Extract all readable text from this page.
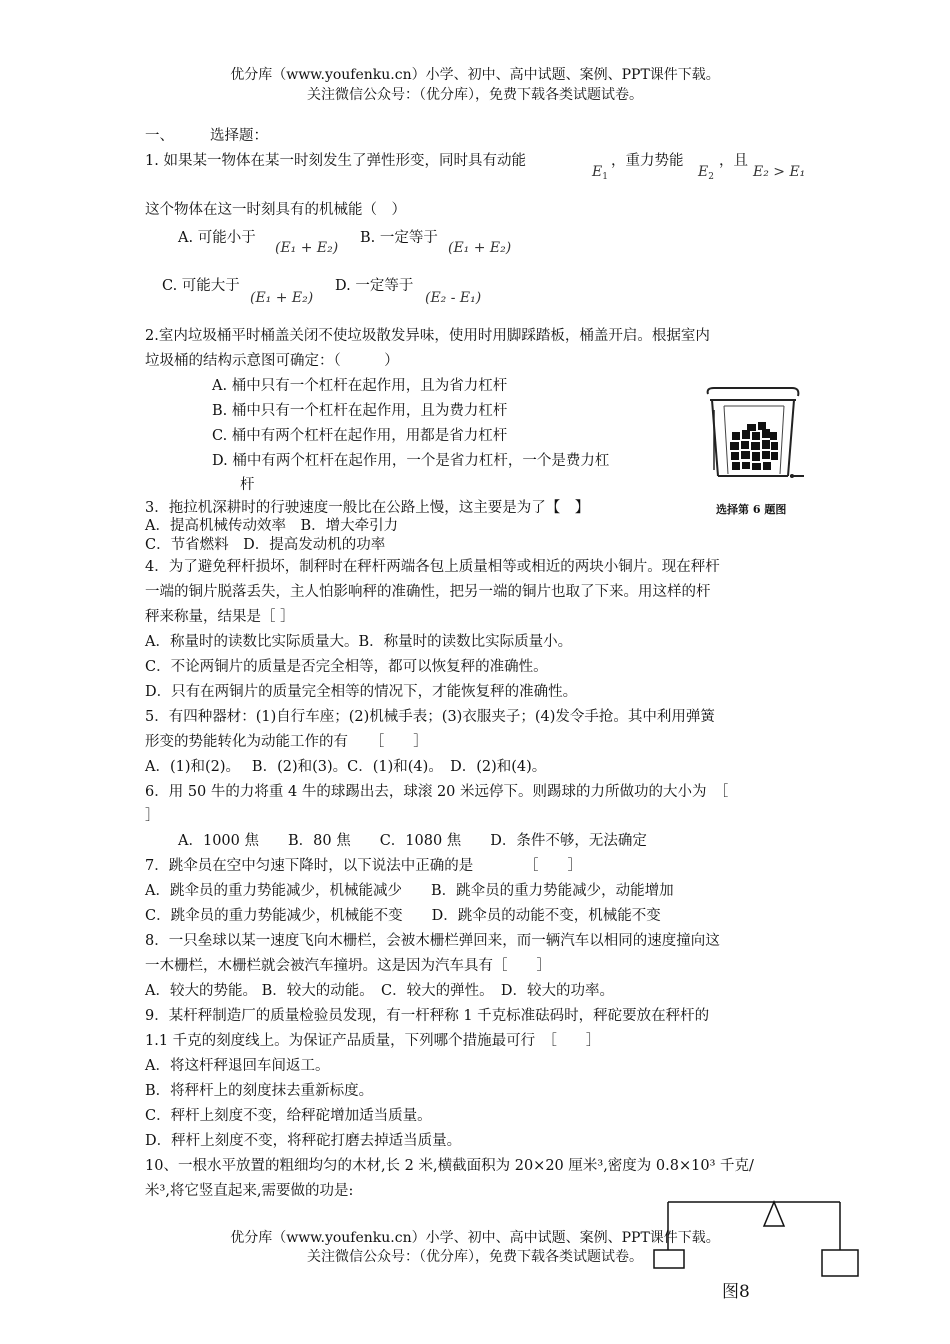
优分库（www.youfenku.cn）小学、初中、高中试题、案例、PPT课件下载。
关注微信公众号：（优分库），免费下载各类试题试卷。
一、 选择题：
1. 如果某一物体在某一时刻发生了弹性形变，同时具有动能
$E_1$
，重力势能
$E_2$
，且
E₂ > E₁
这个物体在这一时刻具有的机械能（　）
A. 可能小于
(E₁ + E₂)
B. 一定等于
(E₁ + E₂)
C. 可能大于
(E₁ + E₂)
D. 一定等于
(E₂ - E₁)
2.室内垃圾桶平时桶盖关闭不使垃圾散发异味，使用时用脚踩踏板，桶盖开启。根据室内
垃圾桶的结构示意图可确定：（　　　）
A. 桶中只有一个杠杆在起作用，且为省力杠杆
B. 桶中只有一个杠杆在起作用，且为费力杠杆
C. 桶中有两个杠杆在起作用，用都是省力杠杆
D. 桶中有两个杠杆在起作用，一个是省力杠杆，一个是费力杠
杆
选择第 6 题图
3．拖拉机深耕时的行驶速度一般比在公路上慢，这主要是为了【　】
A．提高机械传动效率　B．增大牵引力
C．节省燃料　D．提高发动机的功率
4．为了避免秤杆损坏，制秤时在秤杆两端各包上质量相等或相近的两块小铜片。现在秤杆
一端的铜片脱落丢失，主人怕影响秤的准确性，把另一端的铜片也取了下来。用这样的杆
秤来称量，结果是［ ］
A．称量时的读数比实际质量大。B．称量时的读数比实际质量小。
C．不论两铜片的质量是否完全相等，都可以恢复秤的准确性。
D．只有在两铜片的质量完全相等的情况下，才能恢复秤的准确性。
5．有四种器材：(1)自行车座；(2)机械手表；(3)衣服夹子；(4)发令手抢。其中利用弹簧
形变的势能转化为动能工作的有　　［　　］
A．(1)和(2)。　 B．(2)和(3)。C．(1)和(4)。　D．(2)和(4)。
6．用 50 牛的力将重 4 牛的球踢出去，球滚 20 米远停下。则踢球的力所做功的大小为　［
］
A．1000 焦　　B．80 焦　　C．1080 焦　　D．条件不够，无法确定
7．跳伞员在空中匀速下降时，以下说法中正确的是　　　　［　　］
A．跳伞员的重力势能减少，机械能减少　　B．跳伞员的重力势能减少，动能增加
C．跳伞员的重力势能减少，机械能不变　　D．跳伞员的动能不变，机械能不变
8．一只垒球以某一速度飞向木栅栏，会被木栅栏弹回来，而一辆汽车以相同的速度撞向这
一木栅栏，木栅栏就会被汽车撞坍。这是因为汽车具有［　　］
A．较大的势能。 B．较大的动能。　C．较大的弹性。　D．较大的功率。
9．某杆秤制造厂的质量检验员发现，有一杆秤称 1 千克标准砝码时，秤砣要放在秤杆的
1.1 千克的刻度线上。为保证产品质量，下列哪个措施最可行　［　　］
A．将这杆秤退回车间返工。
B．将秤杆上的刻度抹去重新标度。
C．秤杆上刻度不变，给秤砣增加适当质量。
D．秤杆上刻度不变，将秤砣打磨去掉适当质量。
10、一根水平放置的粗细均匀的木材,长 2 米,横截面积为 20×20 厘米³,密度为 0.8×10³ 千克/
米³,将它竖直起来,需要做的功是:
图8
优分库（www.youfenku.cn）小学、初中、高中试题、案例、PPT课件下载。
关注微信公众号：（优分库），免费下载各类试题试卷。
